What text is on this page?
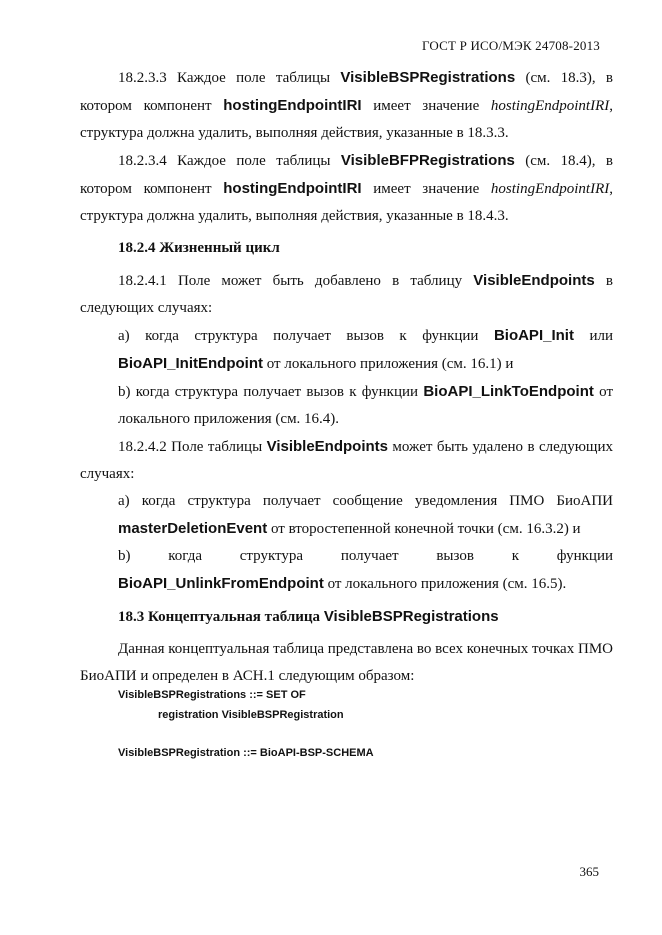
ГОСТ Р ИСО/МЭК 24708-2013

18.2.3.3 Каждое поле таблицы VisibleBSPRegistrations (см. 18.3), в котором компонент hostingEndpointIRI имеет значение hostingEndpointIRI, структура должна удалить, выполняя действия, указанные в 18.3.3.

18.2.3.4 Каждое поле таблицы VisibleBFPRegistrations (см. 18.4), в котором компонент hostingEndpointIRI имеет значение hostingEndpointIRI, структура должна удалить, выполняя действия, указанные в 18.4.3.

18.2.4 Жизненный цикл

18.2.4.1 Поле может быть добавлено в таблицу VisibleEndpoints в следующих случаях:

a) когда структура получает вызов к функции BioAPI_Init или BioAPI_InitEndpoint от локального приложения (см. 16.1) и

b) когда структура получает вызов к функции BioAPI_LinkToEndpoint от локального приложения (см. 16.4).

18.2.4.2 Поле таблицы VisibleEndpoints может быть удалено в следующих случаях:

a) когда структура получает сообщение уведомления ПМО БиоАПИ masterDeletionEvent от второстепенной конечной точки (см. 16.3.2) и

b) когда структура получает вызов к функции BioAPI_UnlinkFromEndpoint от локального приложения (см. 16.5).

18.3 Концептуальная таблица VisibleBSPRegistrations

Данная концептуальная таблица представлена во всех конечных точках ПМО БиоАПИ и определен в АСН.1 следующим образом:

VisibleBSPRegistrations ::= SET OF
registration VisibleBSPRegistration
VisibleBSPRegistration ::= BioAPI-BSP-SCHEMA
365
